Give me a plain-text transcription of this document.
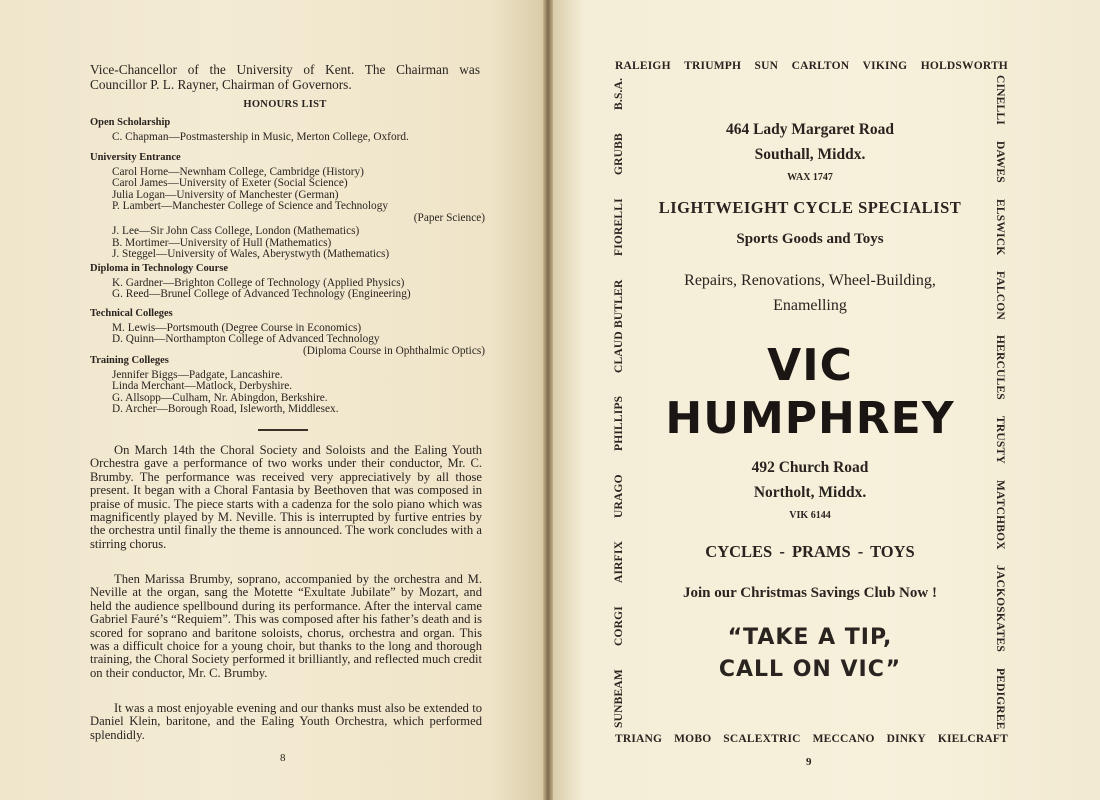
Vice-Chancellor of the University of Kent. The Chairman was Councillor P. L. Rayner, Chairman of Governors.

HONOURS LIST
Open Scholarship
C. Chapman—Postmastership in Music, Merton College, Oxford.
University Entrance
Carol Horne—Newnham College, Cambridge (History)
Carol James—University of Exeter (Social Science)
Julia Logan—University of Manchester (German)
P. Lambert—Manchester College of Science and Technology
(Paper Science)
J. Lee—Sir John Cass College, London (Mathematics)
B. Mortimer—University of Hull (Mathematics)
J. Steggel—University of Wales, Aberystwyth (Mathematics)
Diploma in Technology Course
K. Gardner—Brighton College of Technology (Applied Physics)
G. Reed—Brunel College of Advanced Technology (Engineering)
Technical Colleges
M. Lewis—Portsmouth (Degree Course in Economics)
D. Quinn—Northampton College of Advanced Technology
(Diploma Course in Ophthalmic Optics)
Training Colleges
Jennifer Biggs—Padgate, Lancashire.
Linda Merchant—Matlock, Derbyshire.
G. Allsopp—Culham, Nr. Abingdon, Berkshire.
D. Archer—Borough Road, Isleworth, Middlesex.

On March 14th the Choral Society and Soloists and the Ealing Youth Orchestra gave a performance of two works under their conductor, Mr. C. Brumby. The performance was received very appreciatively by all those present. It began with a Choral Fantasia by Beethoven that was composed in praise of music. The piece starts with a cadenza for the solo piano which was magnificently played by M. Neville. This is interrupted by furtive entries by the orchestra until finally the theme is announced. The work concludes with a stirring chorus.

Then Marissa Brumby, soprano, accompanied by the orchestra and M. Neville at the organ, sang the Motette “Exultate Jubilate” by Mozart, and held the audience spellbound during its performance. After the interval came Gabriel Fauré’s “Requiem”. This was composed after his father’s death and is scored for soprano and baritone soloists, chorus, orchestra and organ. This was a difficult choice for a young choir, but thanks to the long and thorough training, the Choral Society performed it brilliantly, and reflected much credit on their conductor, Mr. C. Brumby.

It was a most enjoyable evening and our thanks must also be extended to Daniel Klein, baritone, and the Ealing Youth Orchestra, which performed splendidly.

8
RALEIGH TRIUMPH SUN CARLTON VIKING HOLDSWORTH
SUNBEAM
CORGI
AIRFIX
URAGO
PHILLIPS
CLAUD BUTLER
FIORELLI
GRUBB
B.S.A.	CINELLI
DAWES
ELSWICK
FALCON
HERCULES
TRUSTY
MATCHBOX
JACKOSKATES
PEDIGREE
TRIANG MOBO SCALEXTRIC MECCANO DINKY KIELCRAFT
464 Lady Margaret Road
Southall, Middx.
WAX 1747
LIGHTWEIGHT CYCLE SPECIALIST
Sports Goods and Toys
Repairs, Renovations, Wheel-Building,
Enamelling
VIC
HUMPHREY
492 Church Road
Northolt, Middx.
VIK 6144
CYCLES - PRAMS - TOYS
Join our Christmas Savings Club Now !
“TAKE A TIP,
CALL ON VIC”
9
